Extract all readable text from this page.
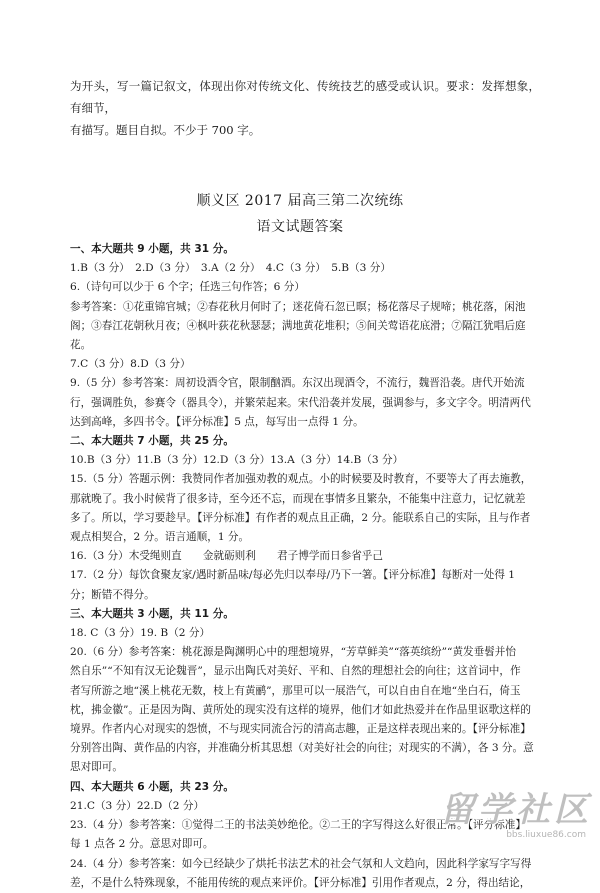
为开头，写一篇记叙文，体现出你对传统文化、传统技艺的感受或认识。要求：发挥想象，有细节，

有描写。题目自拟。不少于 700 字。

顺义区 2017 届高三第二次统练
语文试题答案

一、本大题共 9 小题，共 31 分。

1.B（3 分）　2.D（3 分）　3.A（2 分）　4.C（3 分）　5.B（3 分）

6.（诗句可以少于 6 个字；任选三句作答；6 分）

参考答案：①花重锦官城；②春花秋月何时了；迷花倚石忽已暝；杨花落尽子规啼；桃花落，闲池

阁；③春江花朝秋月夜；④枫叶荻花秋瑟瑟；满地黄花堆积；⑤间关莺语花底滑；⑦隔江犹唱后庭

花。

7.C（3 分）8.D（3 分）

9.（5 分）参考答案：周初设酒令官，限制酗酒。东汉出现酒令，不流行，魏晋沿袭。唐代开始流

行，强调胜负，参赛令（器具令），并繁荣起来。宋代沿袭并发展，强调参与，多文字令。明清两代

达到高峰，多四书令。【评分标准】5 点，每写出一点得 1 分。

二、本大题共 7 小题，共 25 分。

10.B（3 分）11.B（3 分）12.D（3 分）13.A（3 分）14.B（3 分）

15.（5 分）答题示例：我赞同作者加强劝教的观点。小的时候要及时教育，不要等大了再去施教，

那就晚了。我小时候背了很多诗，至今还不忘，而现在事情多且繁杂，不能集中注意力，记忆就差

多了。所以，学习要趁早。【评分标准】有作者的观点且正确，2 分。能联系自己的实际，且与作者

观点相契合，2 分。语言通顺，1 分。

16.（3 分）木受绳则直　　金就砺则利　　君子博学而日参省乎己

17.（2 分）每饮食聚友家/遇时新品味/每必先归以奉母/乃下一箸。【评分标准】每断对一处得 1

分；断错不得分。

三、本大题共 3 小题，共 11 分。

18. C（3 分）19. B（2 分）

20.（6 分）参考答案：桃花源是陶渊明心中的理想境界，“芳草鲜美”“落英缤纷”“黄发垂髫并怡

然自乐”“不知有汉无论魏晋”，显示出陶氏对美好、平和、自然的理想社会的向往；这首词中，作

者写所游之地“溪上桃花无数，枝上有黄鹂”，那里可以一展浩气，可以自由自在地“坐白石，倚玉

枕，拂金徽”。正是因为陶、黄所处的现实没有这样的境界，他们才如此热爱并在作品里讴歌这样的

境界。作者内心对现实的怨愤，不与现实同流合污的清高志趣，正是这样表现出来的。【评分标准】

分别答出陶、黄作品的内容，并准确分析其思想（对美好社会的向往；对现实的不满），各 3 分。意

思对即可。

四、本大题共 6 小题，共 23 分。

21.C（3 分）22.D（2 分）

23.（4 分）参考答案：①觉得二王的书法美妙绝伦。②二王的字写得这么好很正常。【评分标准】

每 1 点各 2 分。意思对即可。

24.（4 分）参考答案：如今已经缺少了烘托书法艺术的社会气氛和人文趋向，因此科学家写字写得

差，不是什么特殊现象，不能用传统的观点来评价。【评分标准】引用作者观点，2 分，得出结论，

留学社区
bbs.liuxue86.com
